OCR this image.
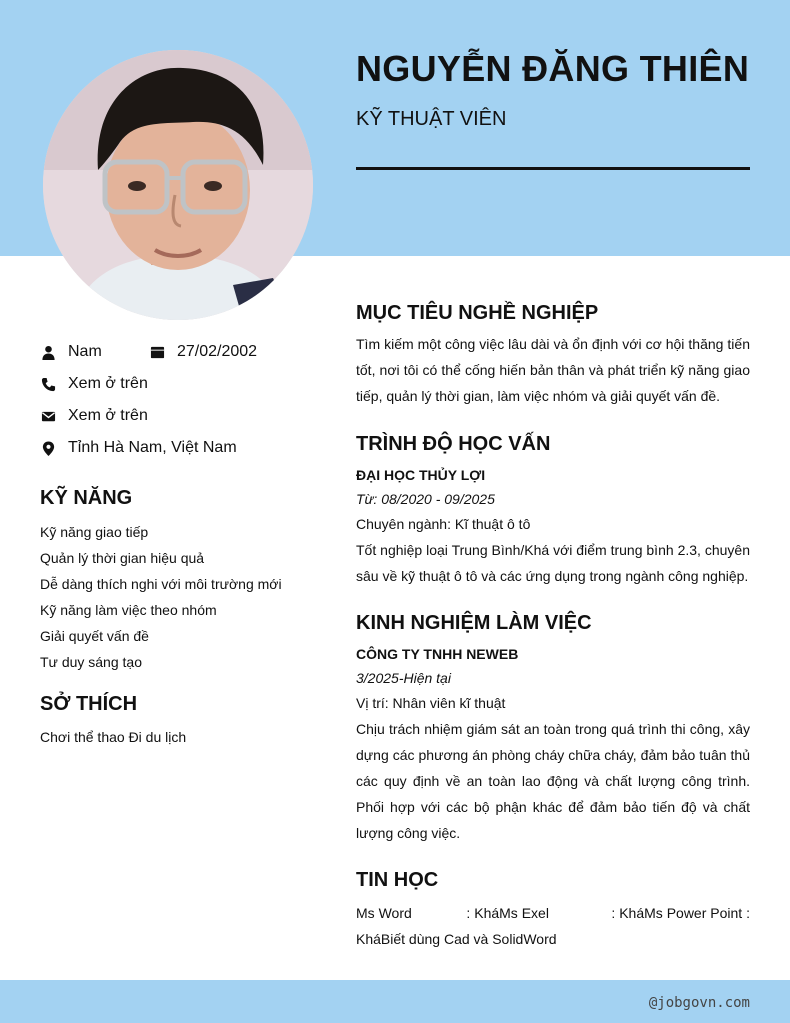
NGUYỄN ĐĂNG THIÊN
KỸ THUẬT VIÊN
Nam	27/02/2002
Xem ở trên
Xem ở trên
Tỉnh Hà Nam, Việt Nam
KỸ NĂNG
Kỹ năng giao tiếp
Quản lý thời gian hiệu quả
Dễ dàng thích nghi với môi trường mới
Kỹ năng làm việc theo nhóm
Giải quyết vấn đề
Tư duy sáng tạo
SỞ THÍCH
Chơi thể thao Đi du lịch
MỤC TIÊU NGHỀ NGHIỆP

Tìm kiếm một công việc lâu dài và ổn định với cơ hội thăng tiến tốt, nơi tôi có thể cống hiến bản thân và phát triển kỹ năng giao tiếp, quản lý thời gian, làm việc nhóm và giải quyết vấn đề.

TRÌNH ĐỘ HỌC VẤN

ĐẠI HỌC THỦY LỢI

Từ: 08/2020 - 09/2025

Chuyên ngành: Kĩ thuật ô tô

Tốt nghiệp loại Trung Bình/Khá với điểm trung bình 2.3, chuyên sâu về kỹ thuật ô tô và các ứng dụng trong ngành công nghiệp.

KINH NGHIỆM LÀM VIỆC

CÔNG TY TNHH NEWEB

3/2025-Hiện tại

Vị trí: Nhân viên kĩ thuật

Chịu trách nhiệm giám sát an toàn trong quá trình thi công, xây dựng các phương án phòng cháy chữa cháy, đảm bảo tuân thủ các quy định về an toàn lao động và chất lượng công trình. Phối hợp với các bộ phận khác để đảm bảo tiến độ và chất lượng công việc.

TIN HỌC

Ms Word              : KháMs Exel                : KháMs Power Point : KháBiết dùng Cad và SolidWord

@jobgovn.com
